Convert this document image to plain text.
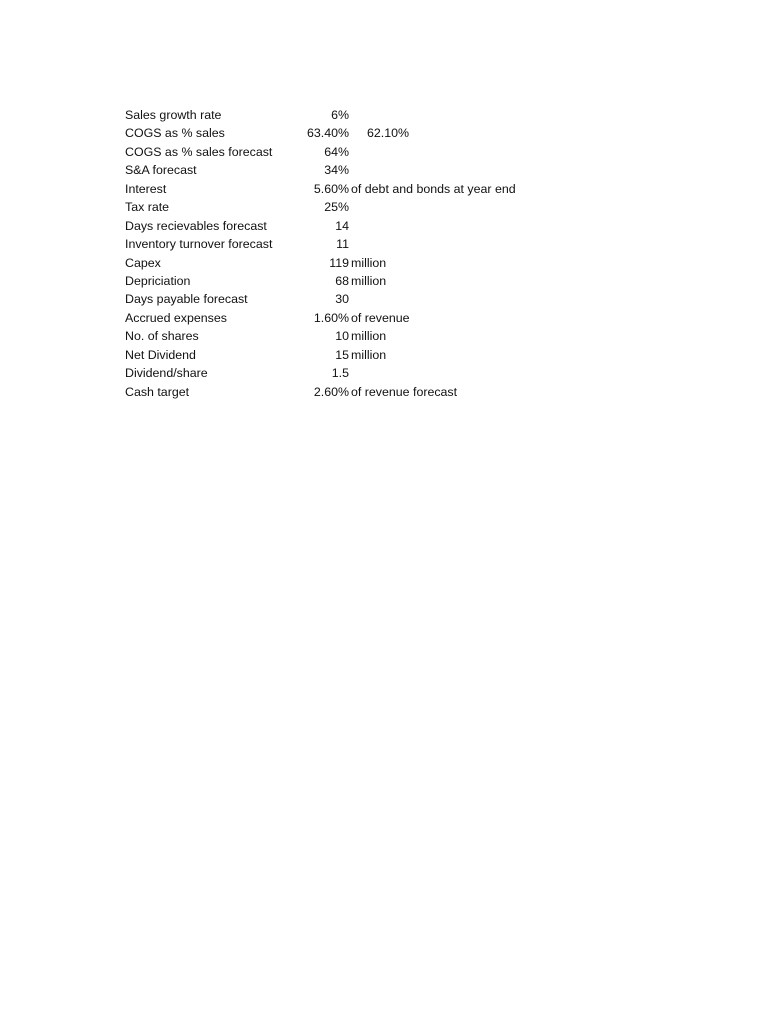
Sales growth rate	6%
COGS as % sales	63.40% 62.10%
COGS as % sales forecast	64%
S&A forecast	34%
Interest	5.60% of debt and bonds at year end
Tax rate	25%
Days recievables forecast	14
Inventory turnover forecast	11
Capex	119 million
Depriciation	68 million
Days payable forecast	30
Accrued expenses	1.60% of revenue
No. of shares	10 million
Net Dividend	15 million
Dividend/share	1.5
Cash target	2.60% of revenue forecast
